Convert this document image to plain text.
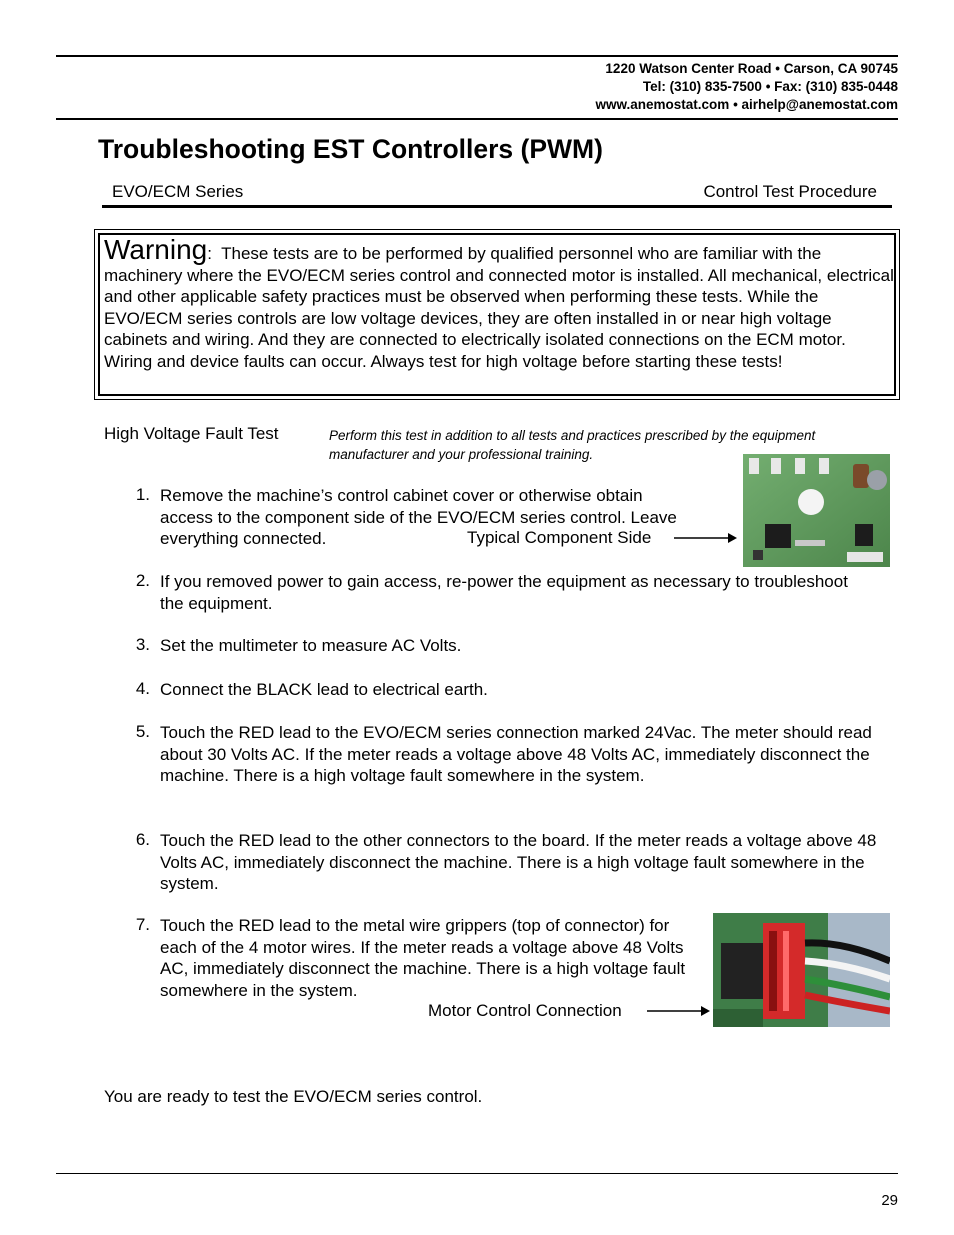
1220 Watson Center Road • Carson, CA 90745
Tel: (310) 835-7500 • Fax: (310) 835-0448
www.anemostat.com • airhelp@anemostat.com
Troubleshooting EST Controllers (PWM)
EVO/ECM Series	Control Test Procedure
Warning: These tests are to be performed by qualified personnel who are familiar with the machinery where the EVO/ECM series control and connected motor is installed. All mechanical, electrical and other applicable safety practices must be observed when performing these tests. While the EVO/ECM series controls are low voltage devices, they are often installed in or near high voltage cabinets and wiring. And they are connected to electrically isolated connections on the ECM motor. Wiring and device faults can occur. Always test for high voltage before starting these tests!
High Voltage Fault Test	Perform this test in addition to all tests and practices prescribed by the equipment manufacturer and your professional training.
1. Remove the machine’s control cabinet cover or otherwise obtain access to the component side of the EVO/ECM series control. Leave everything connected.	Typical Component Side
2. If you removed power to gain access, re-power the equipment as necessary to troubleshoot the equipment.
3. Set the multimeter to measure AC Volts.
4. Connect the BLACK lead to electrical earth.
5. Touch the RED lead to the EVO/ECM series connection marked 24Vac. The meter should read about 30 Volts AC. If the meter reads a voltage above 48 Volts AC, immediately disconnect the machine. There is a high voltage fault somewhere in the system.
6. Touch the RED lead to the other connectors to the board. If the meter reads a voltage above 48 Volts AC, immediately disconnect the machine. There is a high voltage fault somewhere in the system.
7. Touch the RED lead to the metal wire grippers (top of connector) for each of the 4 motor wires. If the meter reads a voltage above 48 Volts AC, immediately disconnect the machine. There is a high voltage fault somewhere in the system.
Motor Control Connection
You are ready to test the EVO/ECM series control.
29
